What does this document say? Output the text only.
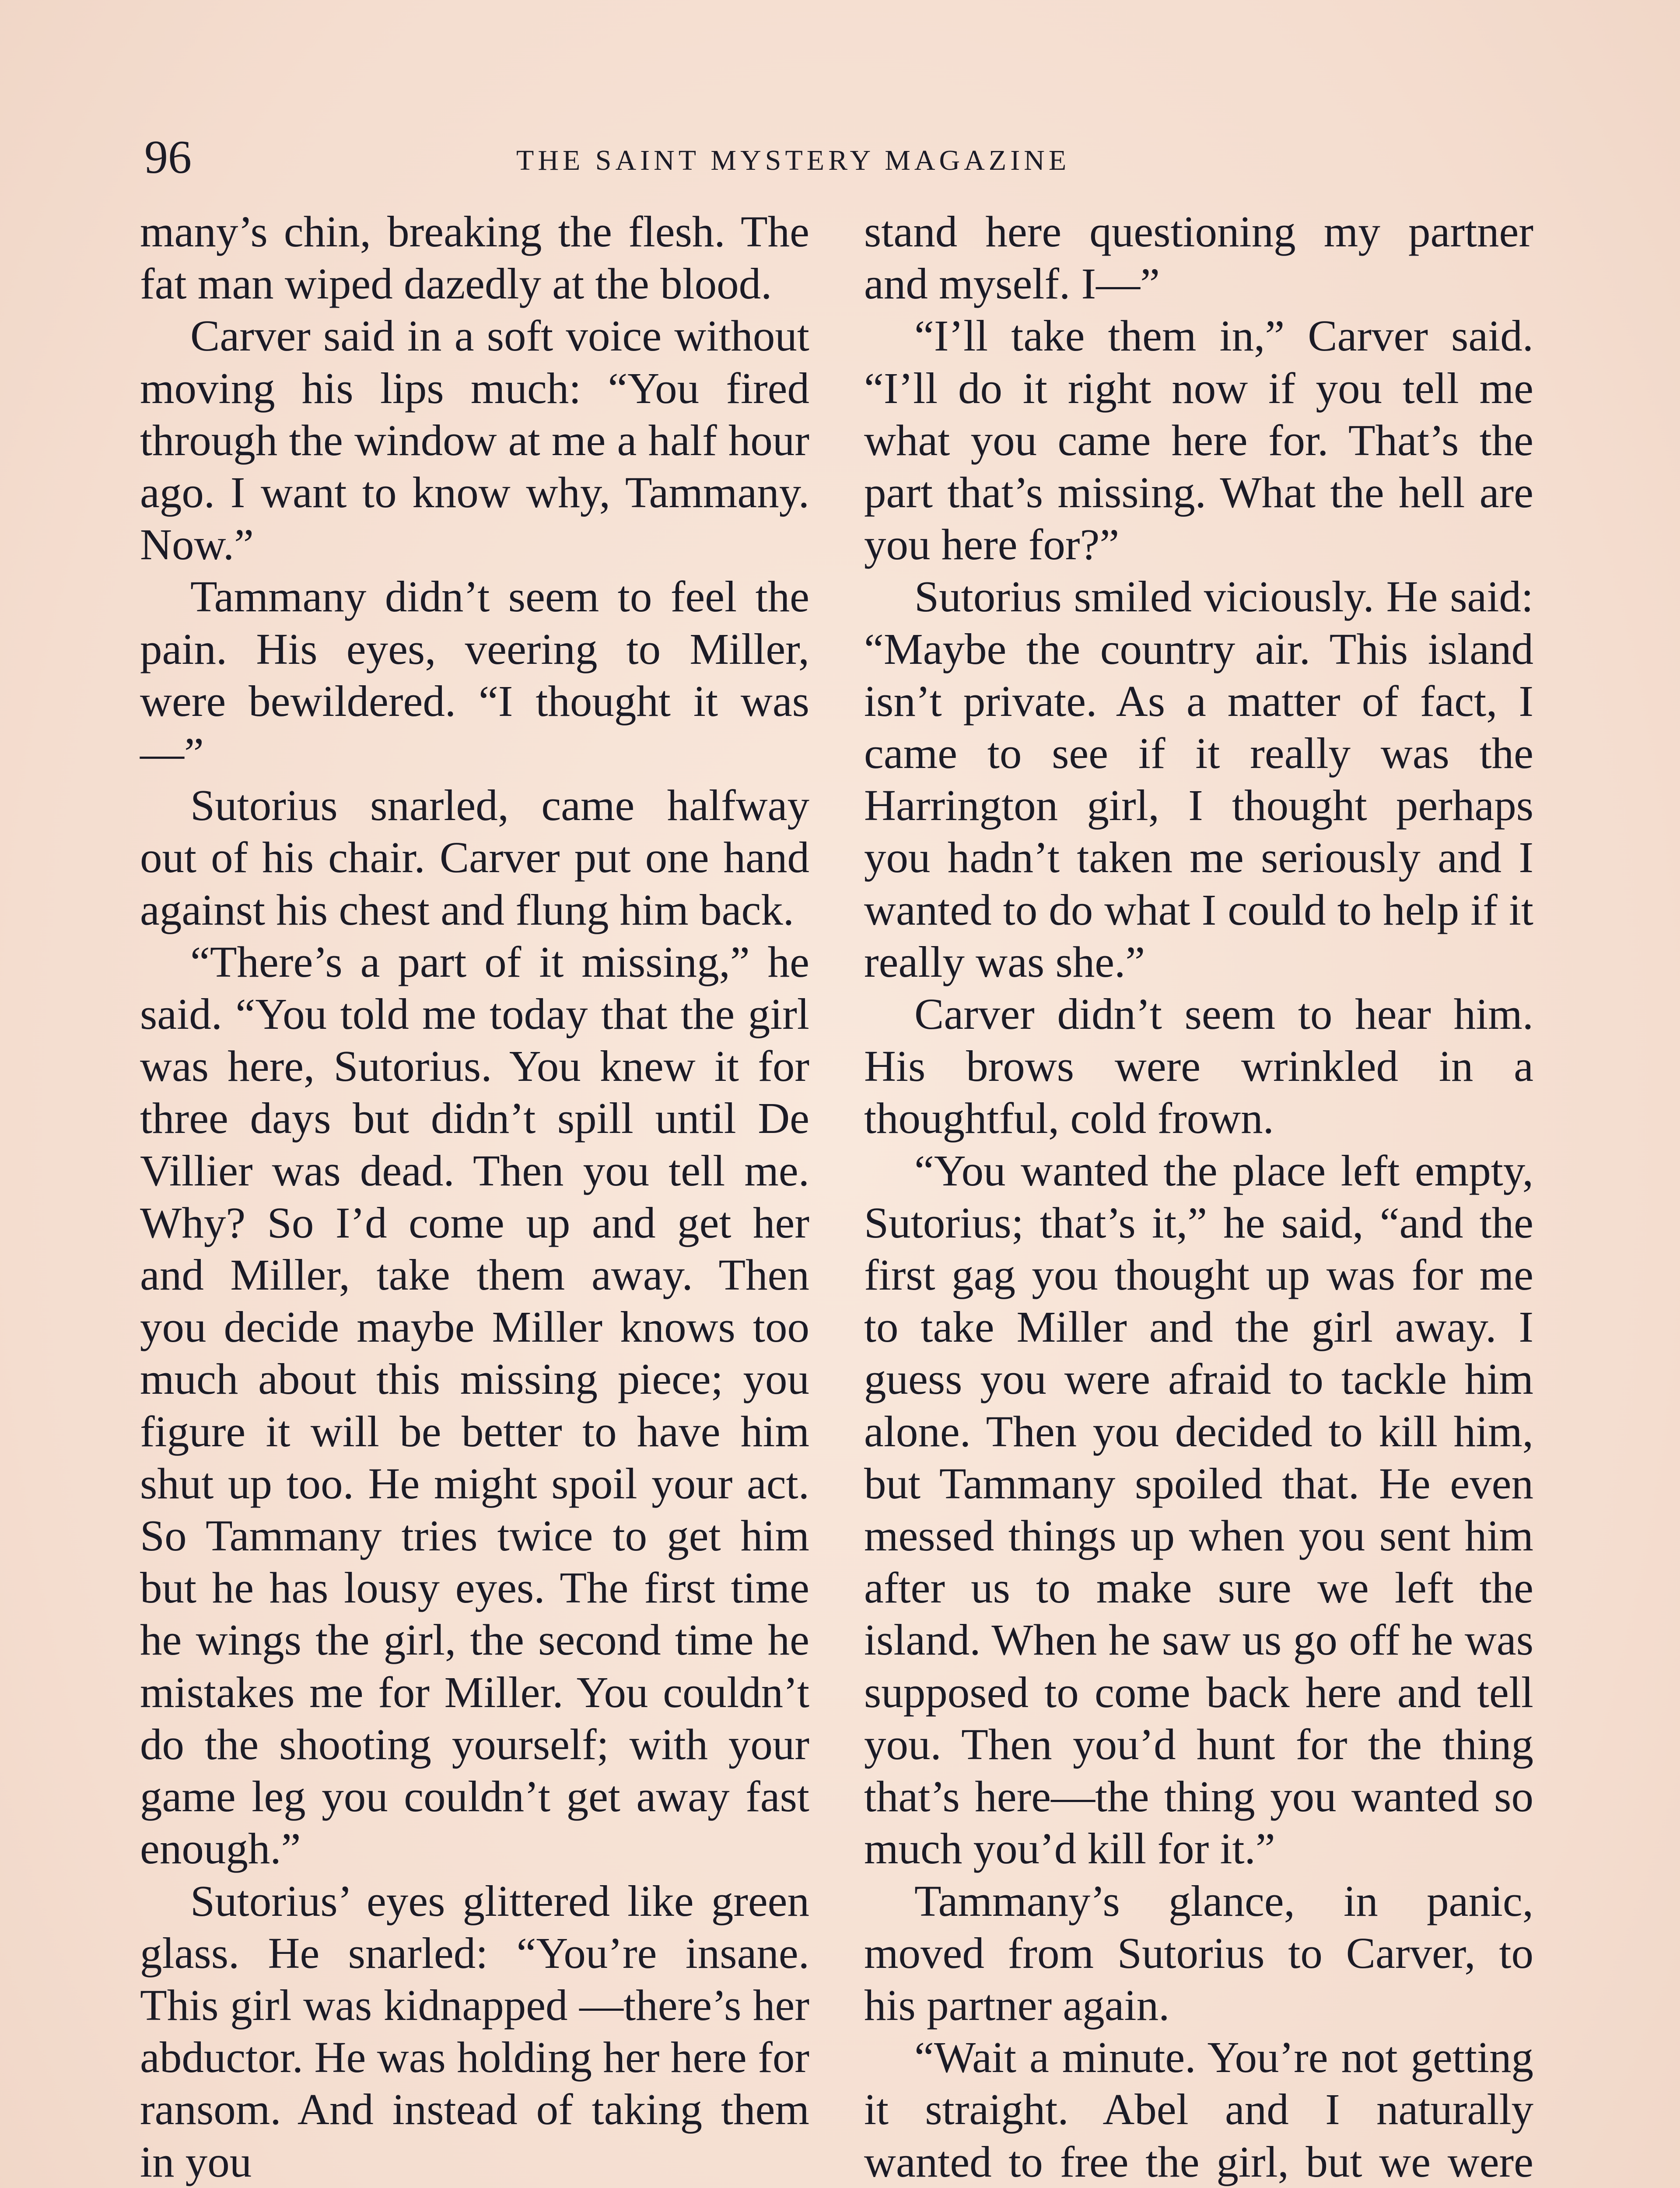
96	THE SAINT MYSTERY MAGAZINE

many’s chin, breaking the flesh. The fat man wiped dazedly at the blood.

Carver said in a soft voice without moving his lips much: “You fired through the window at me a half hour ago. I want to know why, Tammany. Now.”

Tammany didn’t seem to feel the pain. His eyes, veering to Miller, were bewildered. “I thought it was—”

Sutorius snarled, came halfway out of his chair. Carver put one hand against his chest and flung him back.

“There’s a part of it missing,” he said. “You told me today that the girl was here, Sutorius. You knew it for three days but didn’t spill until De Villier was dead. Then you tell me. Why? So I’d come up and get her and Miller, take them away. Then you decide maybe Miller knows too much about this missing piece; you figure it will be better to have him shut up too. He might spoil your act. So Tammany tries twice to get him but he has lousy eyes. The first time he wings the girl, the second time he mistakes me for Miller. You couldn’t do the shooting yourself; with your game leg you couldn’t get away fast enough.”

Sutorius’ eyes glittered like green glass. He snarled: “You’re insane. This girl was kidnapped —there’s her abductor. He was holding her here for ransom. And instead of taking them in you

stand here questioning my partner and myself. I—”

“I’ll take them in,” Carver said. “I’ll do it right now if you tell me what you came here for. That’s the part that’s missing. What the hell are you here for?”

Sutorius smiled viciously. He said: “Maybe the country air. This island isn’t private. As a matter of fact, I came to see if it really was the Harrington girl, I thought perhaps you hadn’t taken me seriously and I wanted to do what I could to help if it really was she.”

Carver didn’t seem to hear him. His brows were wrinkled in a thoughtful, cold frown.

“You wanted the place left empty, Sutorius; that’s it,” he said, “and the first gag you thought up was for me to take Miller and the girl away. I guess you were afraid to tackle him alone. Then you decided to kill him, but Tammany spoiled that. He even messed things up when you sent him after us to make sure we left the island. When he saw us go off he was supposed to come back here and tell you. Then you’d hunt for the thing that’s here—the thing you wanted so much you’d kill for it.”

Tammany’s glance, in panic, moved from Sutorius to Carver, to his partner again.

“Wait a minute. You’re not getting it straight. Abel and I naturally wanted to free the girl, but we were
